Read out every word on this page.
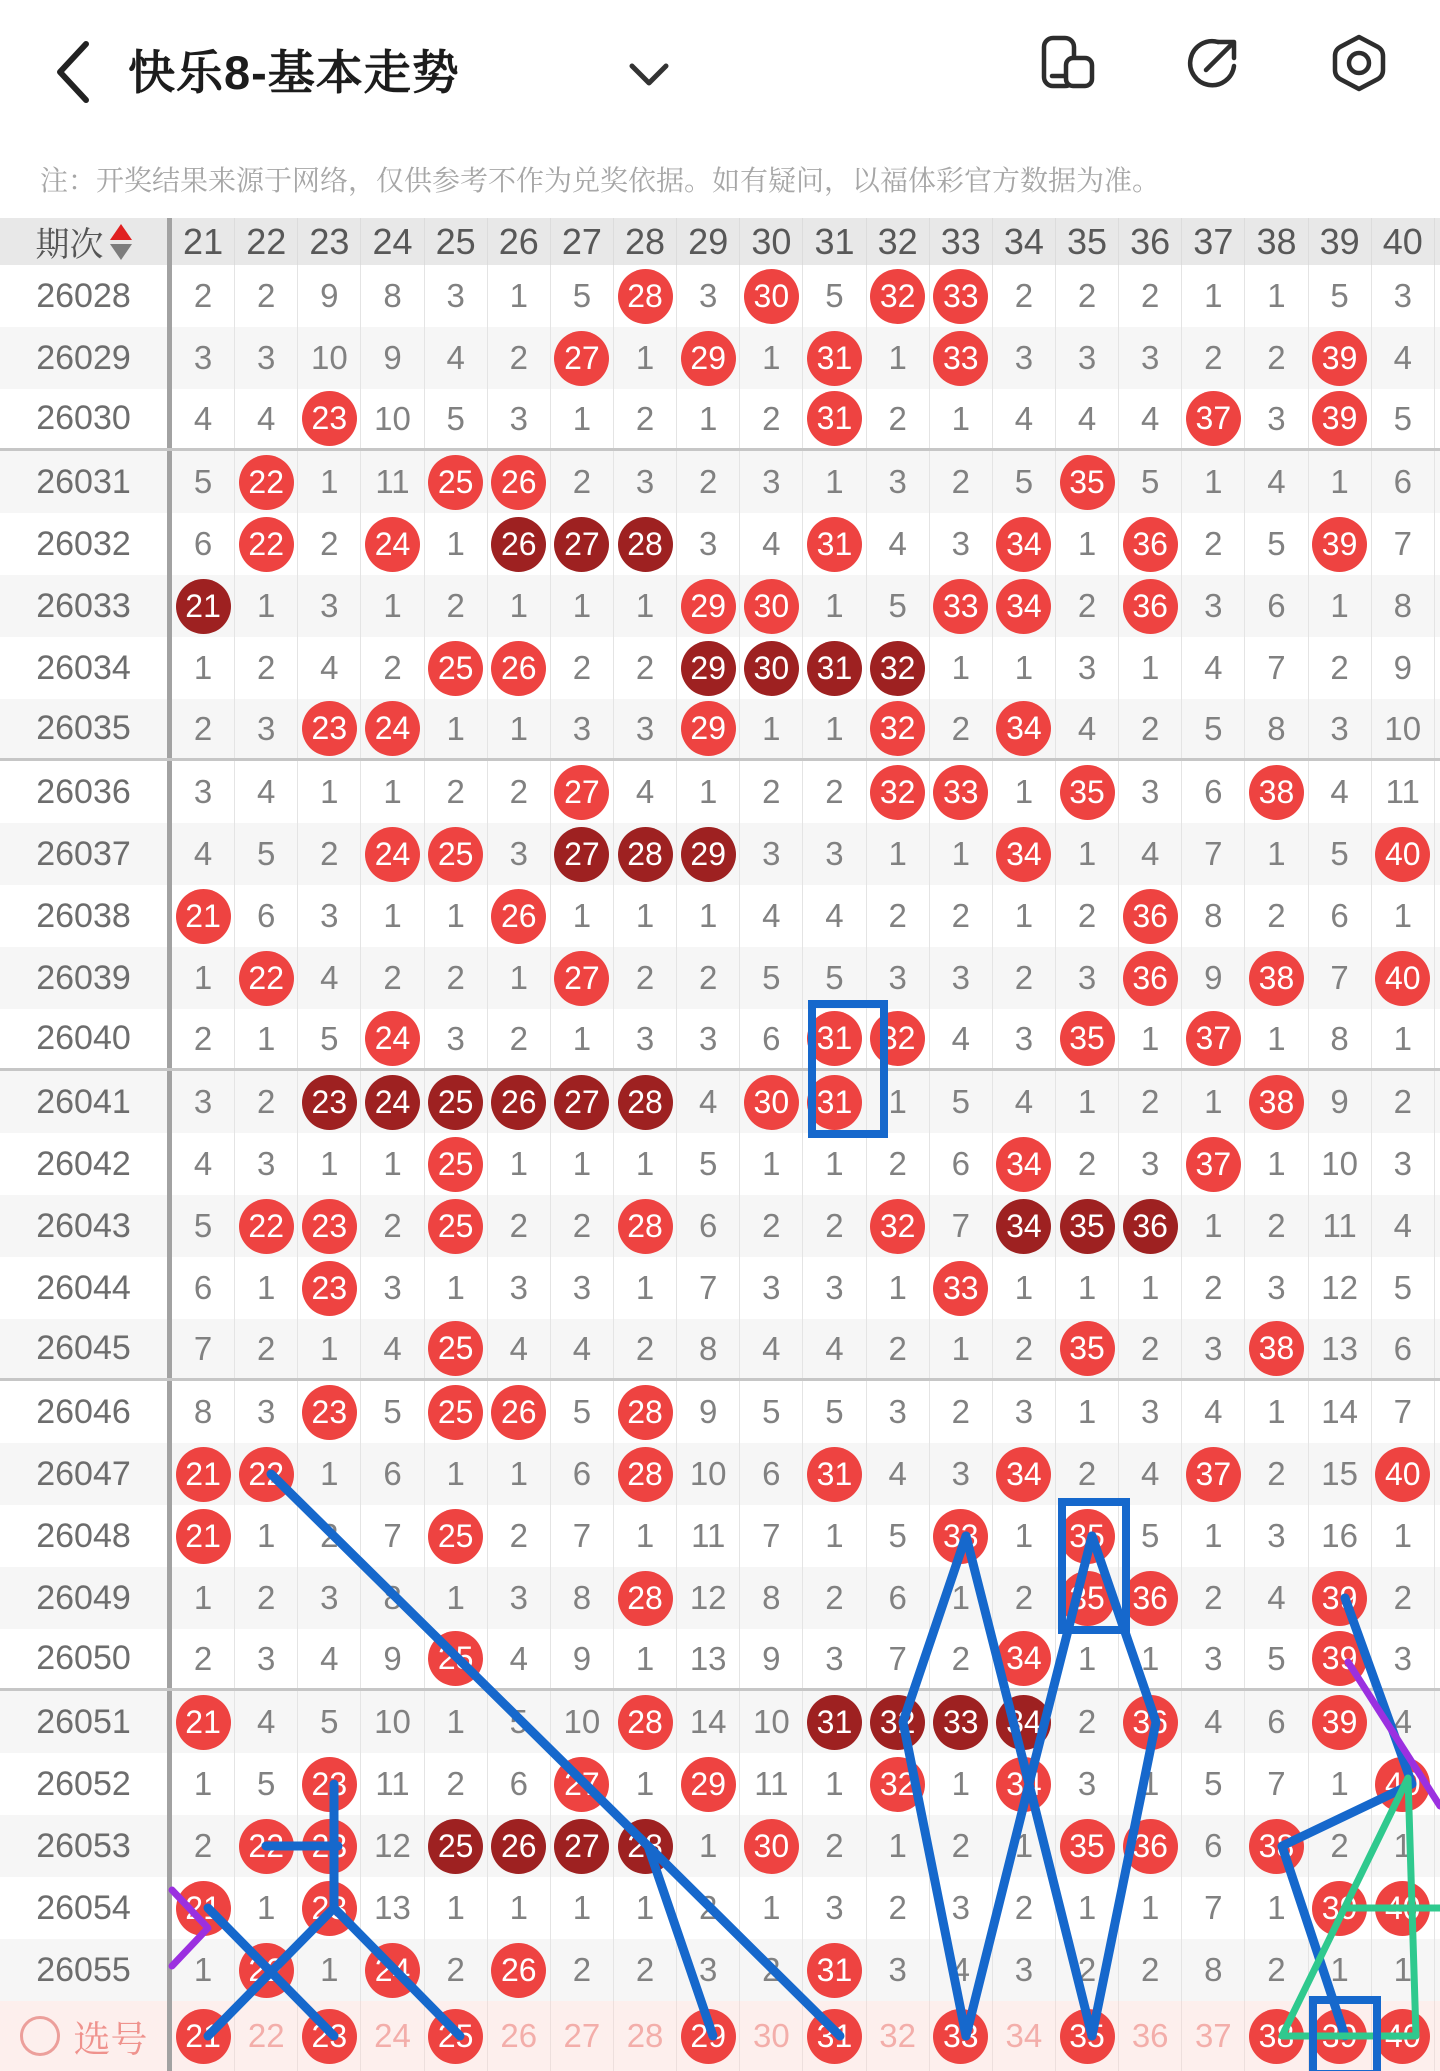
快乐8-基本走势
注：开奖结果来源于网络，仅供参考不作为兑奖依据。如有疑问，以福体彩官方数据为准。
期次	21 22 23 24 25 26 27 28 29 30 31 32 33 34 35 36 37 38 39 40
26028	2 2 9 8 3 1 5	28 3	30 5	32 33 2 2 2 1 1 5 3
26029	3 3 10 9 4 2	27 1	29 1	31 1	33 3 3 3 2 2	39 4
26030	4 4	23 10 5 3 1 2 1 2	31 2 1 4 4 4	37 3	39 5
26031	5	22 1 11 25 26 2 3 2 3 1 3 2 5	35 5 1 4 1 6
26032	6	22 2	24 1	26 27 28 3 4	31 4 3	34 1	36 2 5	39 7
26033	21 1 3 1 2 1 1 1	29 30 1 5	33 34 2	36 3 6 1 8
26034	1 2 4 2	25 26 2 2	29 30 31 32 1 1 3 1 4 7 2 9
26035	2 3	23 24 1 1 3 3	29 1 1	32 2	34 4 2 5 8 3 10
26036	3 4 1 1 2 2	27 4 1 2 2	32 33 1	35 3 6	38 4 11
26037	4 5 2	24 25 3	27 28 29 3 3 1 1	34 1 4 7 1 5	40
26038	21 6 3 1 1	26 1 1 1 4 4 2 2 1 2	36 8 2 6 1
26039	1	22 4 2 2 1	27 2 2 5 5 3 3 2 3	36 9	38 7	40
26040	2 1 5	24 3 2 1 3 3 6	31 32 4 3	35 1	37 1 8 1
26041	3 2	23 24 25 26 27 28 4	30 31 1 5 4 1 2 1	38 9 2
26042	4 3 1 1	25 1 1 1 5 1 1 2 6	34 2 3	37 1 10 3
26043	5	22 23 2	25 2 2	28 6 2 2	32 7	34 35 36 1 2 11 4
26044	6 1	23 3 1 3 3 1 7 3 3 1	33 1 1 1 2 3 12 5
26045	7 2 1 4	25 4 4 2 8 4 4 2 1 2	35 2 3	38 13 6
26046	8 3	23 5	25 26 5	28 9 5 5 3 2 3 1 3 4 1 14 7
26047	21 22 1 6 1 1 6	28 10 6	31 4 3	34 2 4	37 2 15 40
26048	21 1 2 7	25 2 7 1 11 7 1 5	33 1	35 5 1 3 16 1
26049	1 2 3 8 1 3 8	28 12 8 2 6 1 2	35 36 2 4	39 2
26050	2 3 4 9	25 4 9 1 13 9 3 7 2	34 1 1 3 5	39 3
26051	21 4 5 10 1 5 10 28 14 10 31 32 33 34 2	36 4 6	39 4
26052	1 5	23 11 2 6	27 1	29 11 1	32 1	34 3 1 5 7 1	40
26053	2	22 23 12 25 26 27 28 1	30 2 1 2 1	35 36 6	38 2 1
26054	21 1	23 13 1 1 1 1 2 1 3 2 3 2 1 1 7 1	39 40
26055	1	22 1	24 2	26 2 2 3 2	31 3 4 3 2 2 8 2 1 1
选号	21 22 23 24 25 26 27 28 29 30 31 32 33 34 35 36 37 38 39 40
